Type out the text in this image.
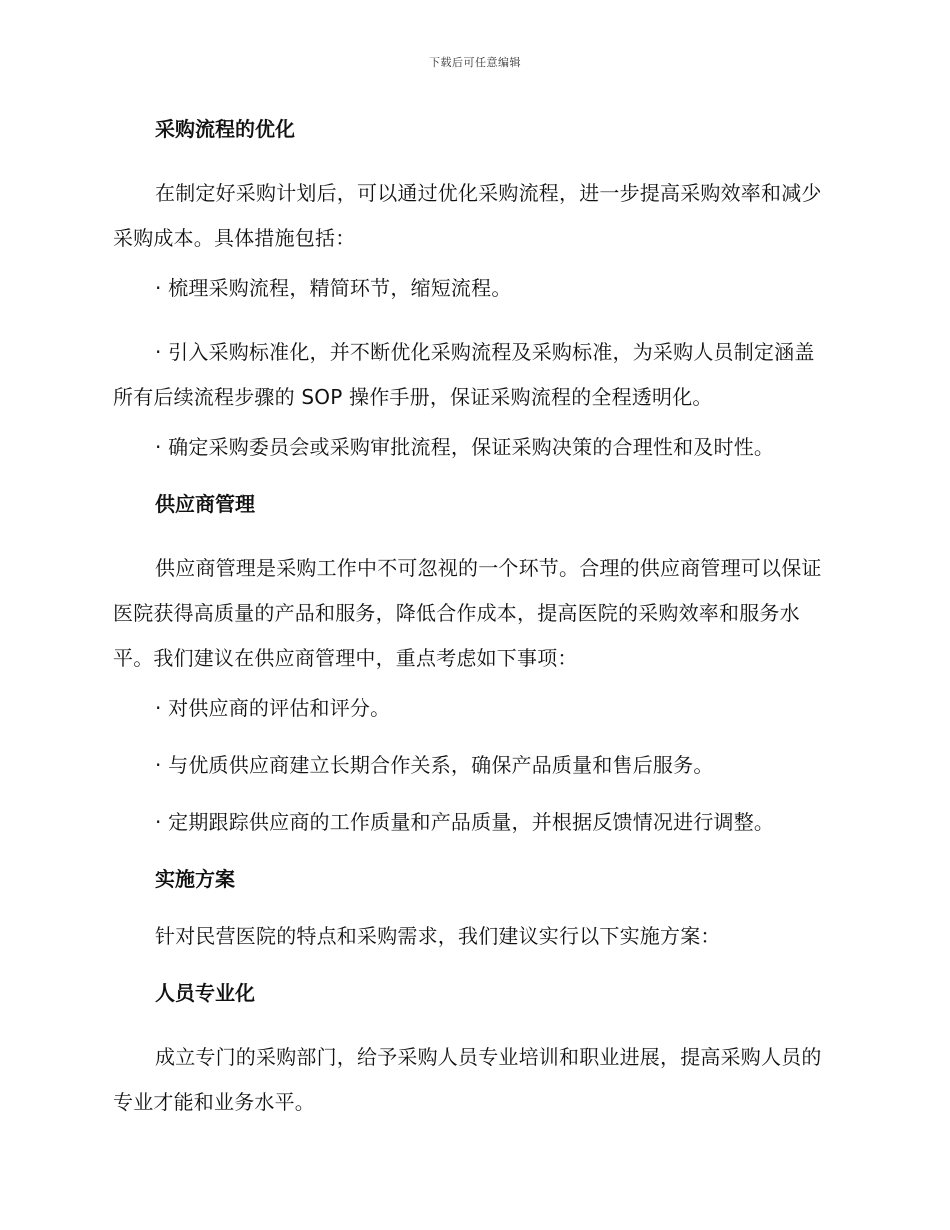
下载后可任意编辑
采购流程的优化
在制定好采购计划后，可以通过优化采购流程，进一步提高采购效率和减少采购成本。具体措施包括：
· 梳理采购流程，精简环节，缩短流程。
· 引入采购标准化，并不断优化采购流程及采购标准，为采购人员制定涵盖所有后续流程步骤的 SOP 操作手册，保证采购流程的全程透明化。
· 确定采购委员会或采购审批流程，保证采购决策的合理性和及时性。
供应商管理
供应商管理是采购工作中不可忽视的一个环节。合理的供应商管理可以保证医院获得高质量的产品和服务，降低合作成本，提高医院的采购效率和服务水平。我们建议在供应商管理中，重点考虑如下事项：
· 对供应商的评估和评分。
· 与优质供应商建立长期合作关系，确保产品质量和售后服务。
· 定期跟踪供应商的工作质量和产品质量，并根据反馈情况进行调整。
实施方案
针对民营医院的特点和采购需求，我们建议实行以下实施方案：
人员专业化
成立专门的采购部门，给予采购人员专业培训和职业进展，提高采购人员的专业才能和业务水平。
